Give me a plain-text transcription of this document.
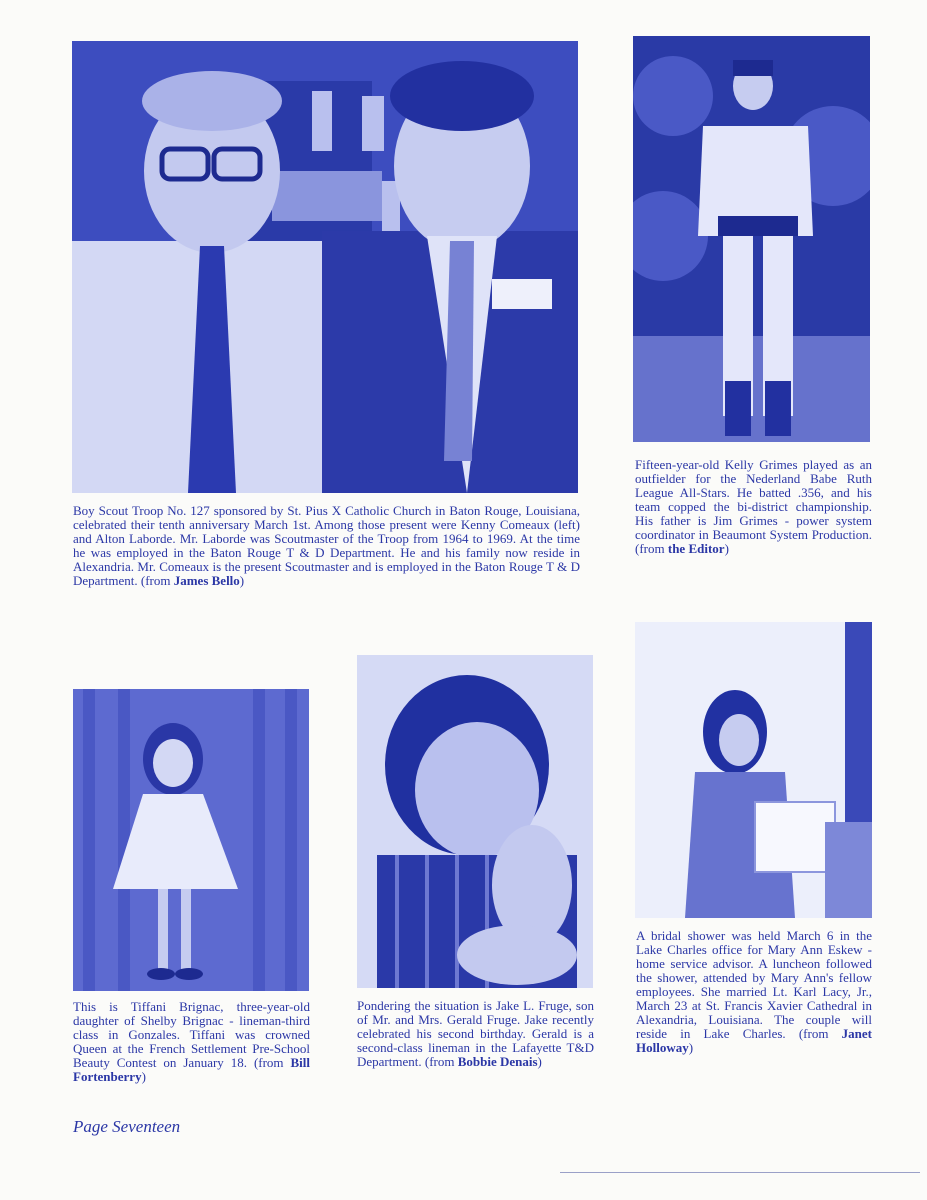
Boy Scout Troop No. 127 sponsored by St. Pius X Catholic Church in Baton Rouge, Louisiana, celebrated their tenth anniversary March 1st. Among those present were Kenny Comeaux (left) and Alton Laborde. Mr. Laborde was Scoutmaster of the Troop from 1964 to 1969. At the time he was employed in the Baton Rouge T & D Department. He and his family now reside in Alexandria. Mr. Comeaux is the present Scoutmaster and is employed in the Baton Rouge T & D Department. (from James Bello)
Fifteen-year-old Kelly Grimes played as an outfielder for the Nederland Babe Ruth League All-Stars. He batted .356, and his team copped the bi-district championship. His father is Jim Grimes - power system coordinator in Beaumont System Production. (from the Editor)
This is Tiffani Brignac, three-year-old daughter of Shelby Brignac - lineman-third class in Gonzales. Tiffani was crowned Queen at the French Settlement Pre-School Beauty Contest on January 18. (from Bill Fortenberry)
Pondering the situation is Jake L. Fruge, son of Mr. and Mrs. Gerald Fruge. Jake recently celebrated his second birthday. Gerald is a second-class lineman in the Lafayette T&D Department. (from Bobbie Denais)
A bridal shower was held March 6 in the Lake Charles office for Mary Ann Eskew - home service advisor. A luncheon followed the shower, attended by Mary Ann's fellow employees. She married Lt. Karl Lacy, Jr., March 23 at St. Francis Xavier Cathedral in Alexandria, Louisiana. The couple will reside in Lake Charles. (from Janet Holloway)
Page Seventeen
